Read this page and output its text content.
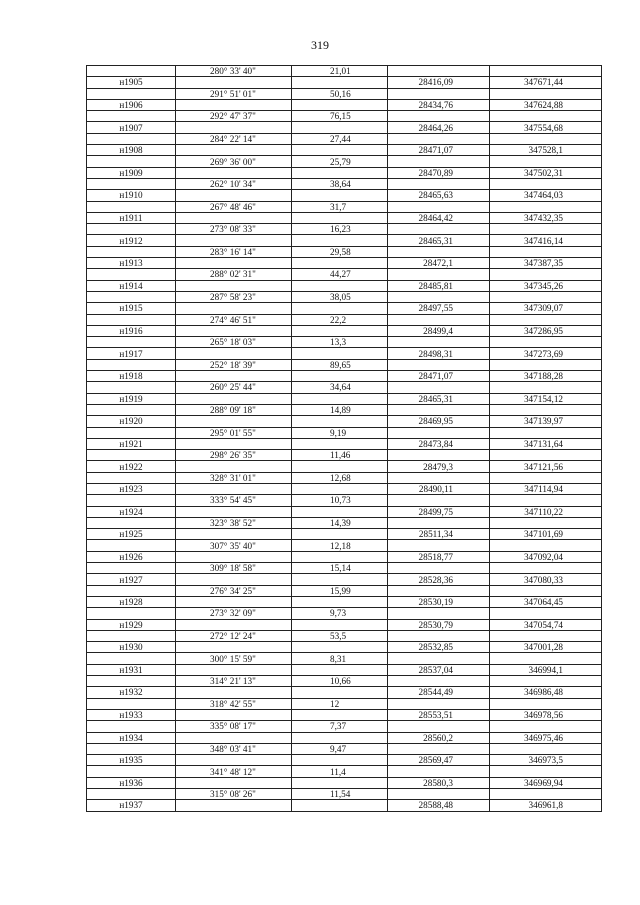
319
	280° 33' 40"	21,01		
н1905			28416,09	347671,44
	291° 51' 01"	50,16		
н1906			28434,76	347624,88
	292° 47' 37"	76,15		
н1907			28464,26	347554,68
	284° 22' 14"	27,44		
н1908			28471,07	347528,1
	269° 36' 00"	25,79		
н1909			28470,89	347502,31
	262° 10' 34"	38,64		
н1910			28465,63	347464,03
	267° 48' 46"	31,7		
н1911			28464,42	347432,35
	273° 08' 33"	16,23		
н1912			28465,31	347416,14
	283° 16' 14"	29,58		
н1913			28472,1	347387,35
	288° 02' 31"	44,27		
н1914			28485,81	347345,26
	287° 58' 23"	38,05		
н1915			28497,55	347309,07
	274° 46' 51"	22,2		
н1916			28499,4	347286,95
	265° 18' 03"	13,3		
н1917			28498,31	347273,69
	252° 18' 39"	89,65		
н1918			28471,07	347188,28
	260° 25' 44"	34,64		
н1919			28465,31	347154,12
	288° 09' 18"	14,89		
н1920			28469,95	347139,97
	295° 01' 55"	9,19		
н1921			28473,84	347131,64
	298° 26' 35"	11,46		
н1922			28479,3	347121,56
	328° 31' 01"	12,68		
н1923			28490,11	347114,94
	333° 54' 45"	10,73		
н1924			28499,75	347110,22
	323° 38' 52"	14,39		
н1925			28511,34	347101,69
	307° 35' 40"	12,18		
н1926			28518,77	347092,04
	309° 18' 58"	15,14		
н1927			28528,36	347080,33
	276° 34' 25"	15,99		
н1928			28530,19	347064,45
	273° 32' 09"	9,73		
н1929			28530,79	347054,74
	272° 12' 24"	53,5		
н1930			28532,85	347001,28
	300° 15' 59"	8,31		
н1931			28537,04	346994,1
	314° 21' 13"	10,66		
н1932			28544,49	346986,48
	318° 42' 55"	12		
н1933			28553,51	346978,56
	335° 08' 17"	7,37		
н1934			28560,2	346975,46
	348° 03' 41"	9,47		
н1935			28569,47	346973,5
	341° 48' 12"	11,4		
н1936			28580,3	346969,94
	315° 08' 26"	11,54		
н1937			28588,48	346961,8
